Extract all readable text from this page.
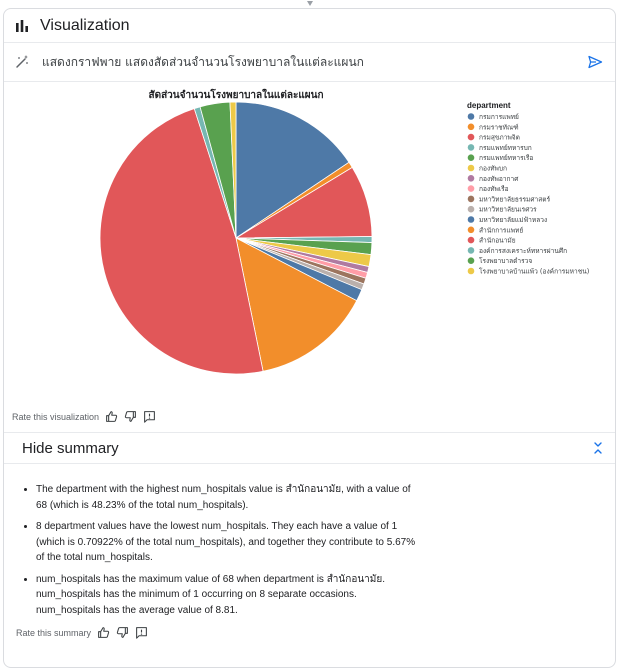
Visualization
แสดงกราฟพาย แสดงสัดส่วนจำนวนโรงพยาบาลในแต่ละแผนก
สัดส่วนจำนวนโรงพยาบาลในแต่ละแผนก
department
กรมการแพทย์
กรมราชทัณฑ์
กรมสุขภาพจิต
กรมแพทย์ทหารบก
กรมแพทย์ทหารเรือ
กองทัพบก
กองทัพอากาศ
กองทัพเรือ
มหาวิทยาลัยธรรมศาสตร์
มหาวิทยาลัยนเรศวร
มหาวิทยาลัยแม่ฟ้าหลวง
สำนักการแพทย์
สำนักอนามัย
องค์การสงเคราะห์ทหารผ่านศึก
โรงพยาบาลตำรวจ
โรงพยาบาลบ้านแพ้ว (องค์การมหาชน)
Rate this visualization
Hide summary
• The department with the highest num_hospitals value is สำนักอนามัย, with a value of 68 (which is 48.23% of the total num_hospitals).
• 8 department values have the lowest num_hospitals. They each have a value of 1 (which is 0.70922% of the total num_hospitals), and together they contribute to 5.67% of the total num_hospitals.
• num_hospitals has the maximum value of 68 when department is สำนักอนามัย. num_hospitals has the minimum of 1 occurring on 8 separate occasions. num_hospitals has the average value of 8.81.
Rate this summary
